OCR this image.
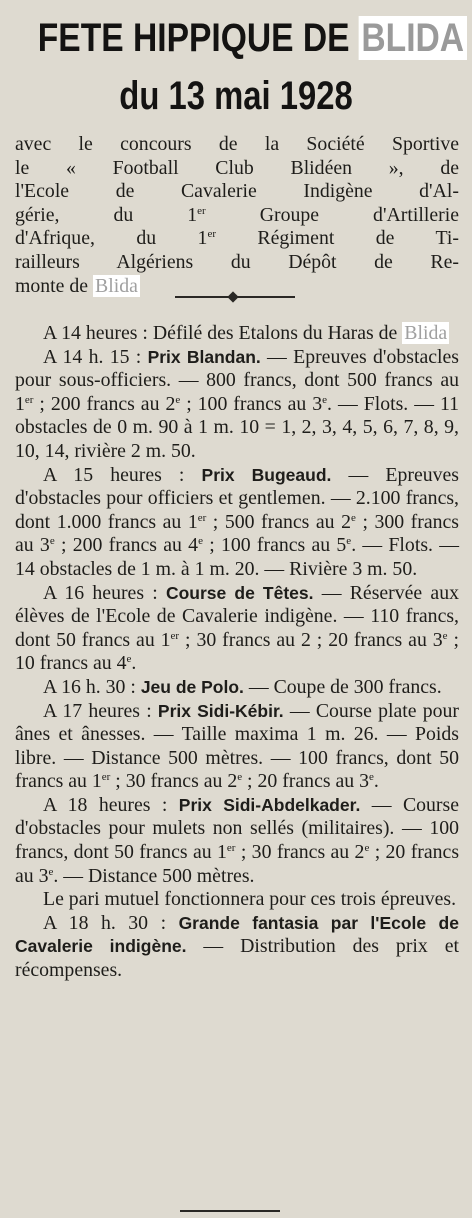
FETE HIPPIQUE DE BLIDA
du 13 mai 1928
avec le concours de la Société Sportive
le « Football Club Blidéen », de
l'Ecole de Cavalerie Indigène d'Al-
gérie, du 1er Groupe d'Artillerie
d'Afrique, du 1er Régiment de Ti-
railleurs Algériens du Dépôt de Re-
monte de Blida

A 14 heures : Défilé des Etalons du Haras de Blida

A 14 h. 15 : Prix Blandan. — Epreuves d'obstacles pour sous-officiers. — 800 francs, dont 500 francs au 1er ; 200 francs au 2e ; 100 francs au 3e. — Flots. — 11 obstacles de 0 m. 90 à 1 m. 10 = 1, 2, 3, 4, 5, 6, 7, 8, 9, 10, 14, rivière 2 m. 50.

A 15 heures : Prix Bugeaud. — Epreuves d'obstacles pour officiers et gentlemen. — 2.100 francs, dont 1.000 francs au 1er ; 500 francs au 2e ; 300 francs au 3e ; 200 francs au 4e ; 100 francs au 5e. — Flots. — 14 obstacles de 1 m. à 1 m. 20. — Rivière 3 m. 50.

A 16 heures : Course de Têtes. — Réservée aux élèves de l'Ecole de Cavalerie indigène. — 110 francs, dont 50 francs au 1er ; 30 francs au 2 ; 20 francs au 3e ; 10 francs au 4e.

A 16 h. 30 : Jeu de Polo. — Coupe de 300 francs.

A 17 heures : Prix Sidi-Kébir. — Course plate pour ânes et ânesses. — Taille maxima 1 m. 26. — Poids libre. — Distance 500 mètres. — 100 francs, dont 50 francs au 1er ; 30 francs au 2e ; 20 francs au 3e.

A 18 heures : Prix Sidi-Abdelkader. — Course d'obstacles pour mulets non sellés (militaires). — 100 francs, dont 50 francs au 1er ; 30 francs au 2e ; 20 francs au 3e. — Distance 500 mètres.

Le pari mutuel fonctionnera pour ces trois épreuves.

A 18 h. 30 : Grande fantasia par l'Ecole de Cavalerie indigène. — Distribution des prix et récompenses.
